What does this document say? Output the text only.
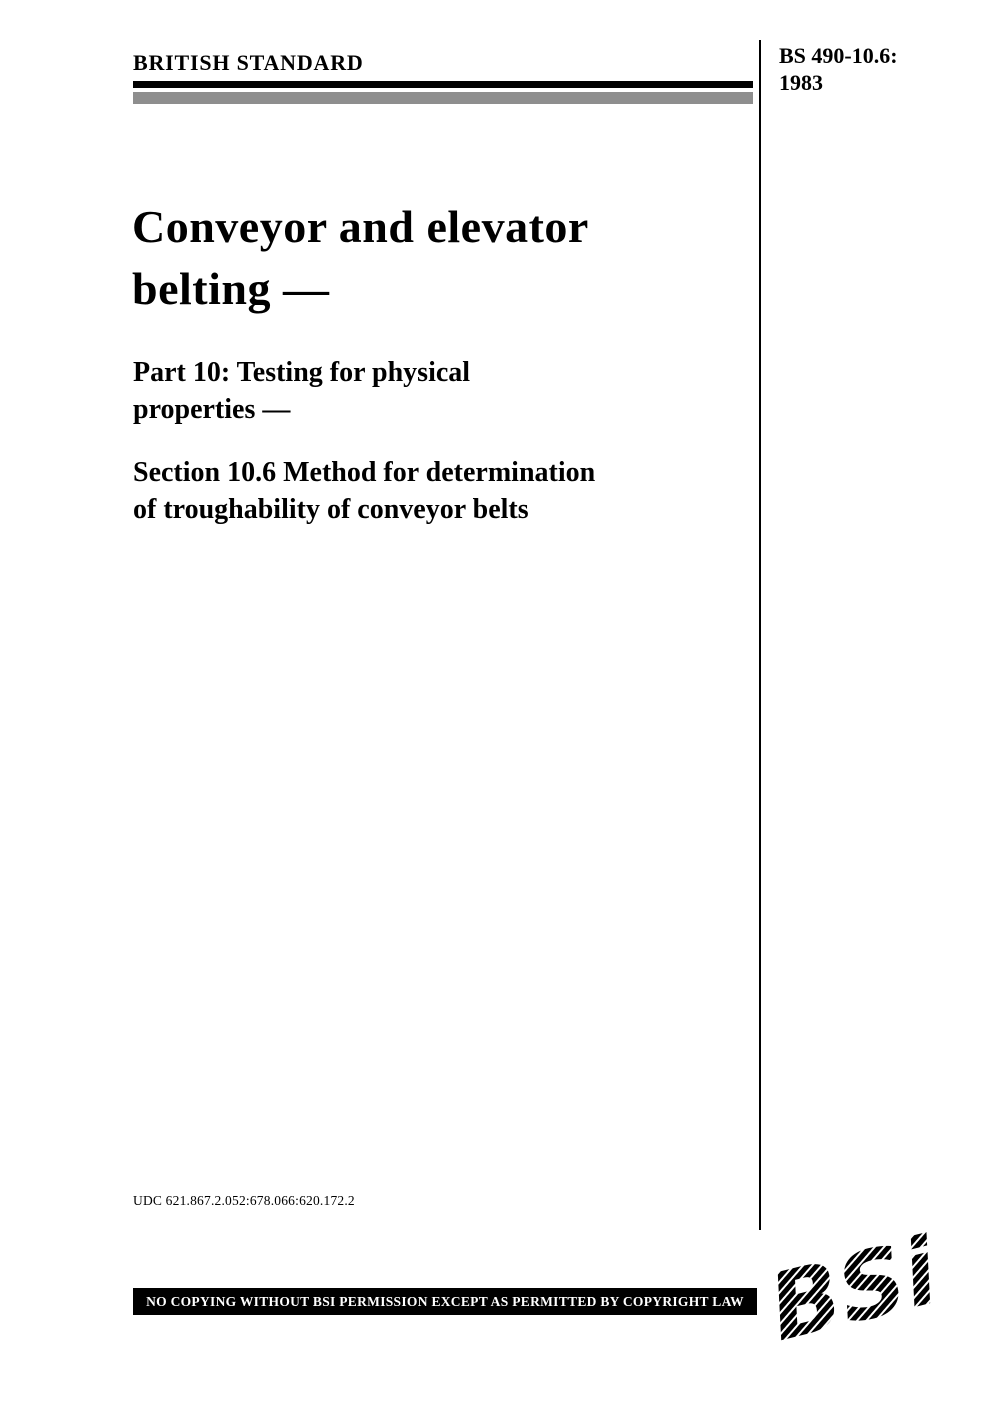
BRITISH STANDARD	BS 490-10.6:
1983
Conveyor and elevator
belting —
Part 10: Testing for physical
properties —
Section 10.6 Method for determination
of troughability of conveyor belts
UDC 621.867.2.052:678.066:620.172.2
NO COPYING WITHOUT BSI PERMISSION EXCEPT AS PERMITTED BY COPYRIGHT LAW BSi
